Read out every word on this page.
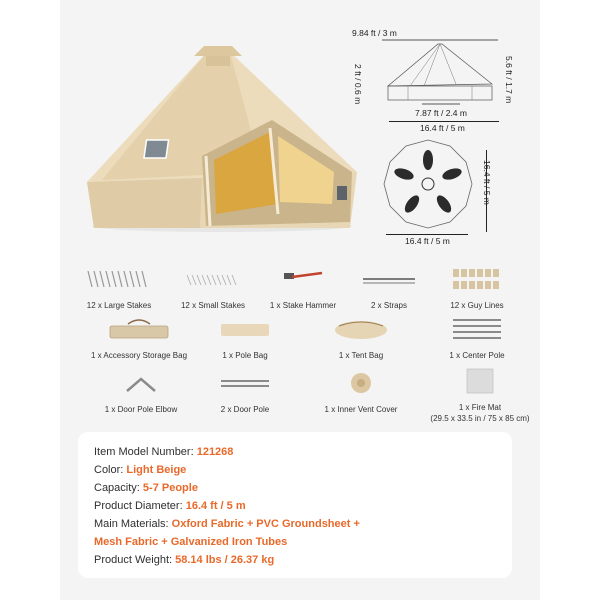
9.84 ft / 3 m
2 ft / 0.6 m	5.6 ft / 1.7 m
7.87 ft / 2.4 m
16.4 ft / 5 m
16.4 ft / 5 m
16.4 ft / 5 m
12 x Large Stakes	12 x Small Stakes	1 x Stake Hammer	2 x Straps	12 x Guy Lines
1 x Accessory Storage Bag	1 x Pole Bag	1 x Tent Bag	1 x Center Pole
1 x Door Pole Elbow	2 x Door Pole	1 x Inner Vent Cover	1 x Fire Mat
(29.5 x 33.5 in / 75 x 85 cm)
Item Model Number: 121268
Color: Light Beige
Capacity: 5-7 People
Product Diameter: 16.4 ft / 5 m
Main Materials: Oxford Fabric + PVC Groundsheet +
Mesh Fabric + Galvanized Iron Tubes
Product Weight: 58.14 lbs / 26.37 kg
